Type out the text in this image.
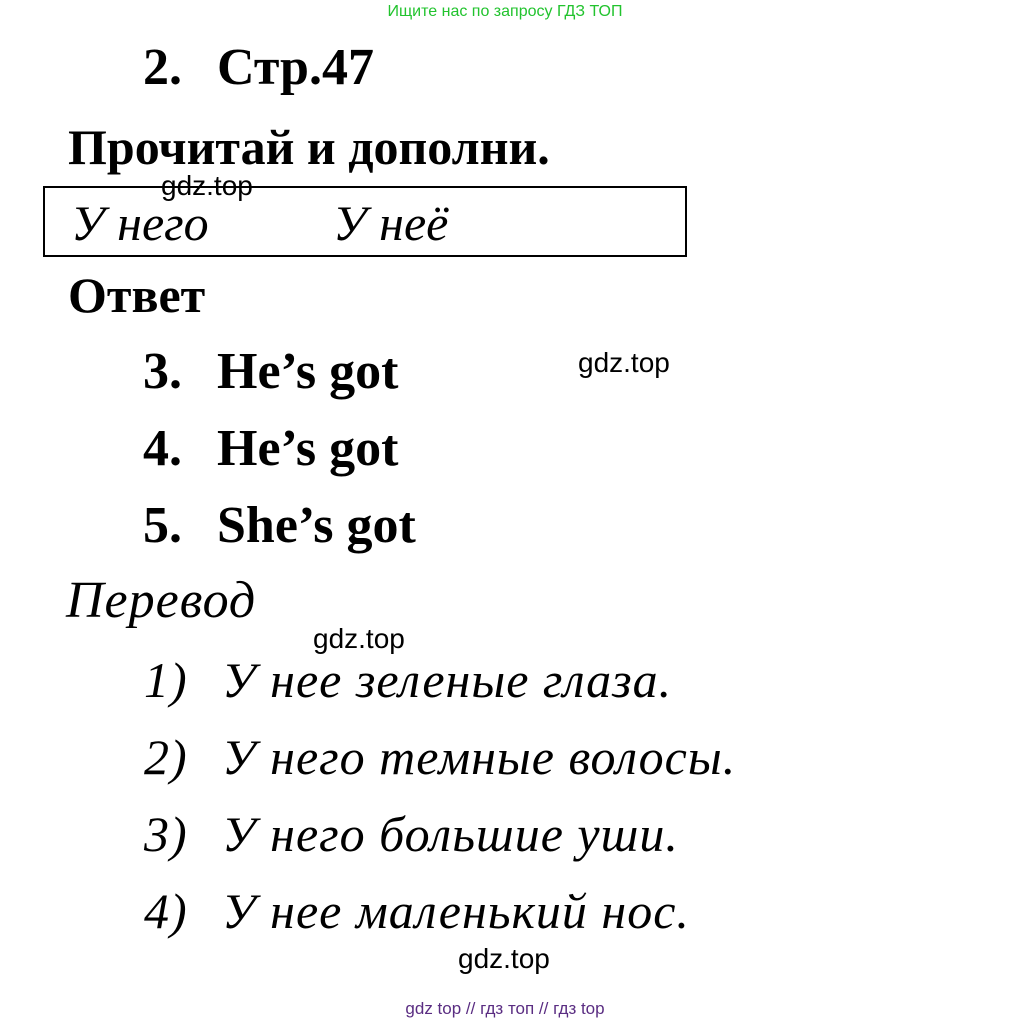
Ищите нас по запросу ГДЗ ТОП
2. Стр.47
Прочитай и дополни.
gdz.top
У него У неё
Ответ
3. He’s got
4. He’s got
5. She’s got
gdz.top
Перевод
gdz.top
1) У нее зеленые глаза.
2) У него темные волосы.
3) У него большие уши.
4) У нее маленький нос.
gdz.top
gdz top // гдз топ // гдз top
